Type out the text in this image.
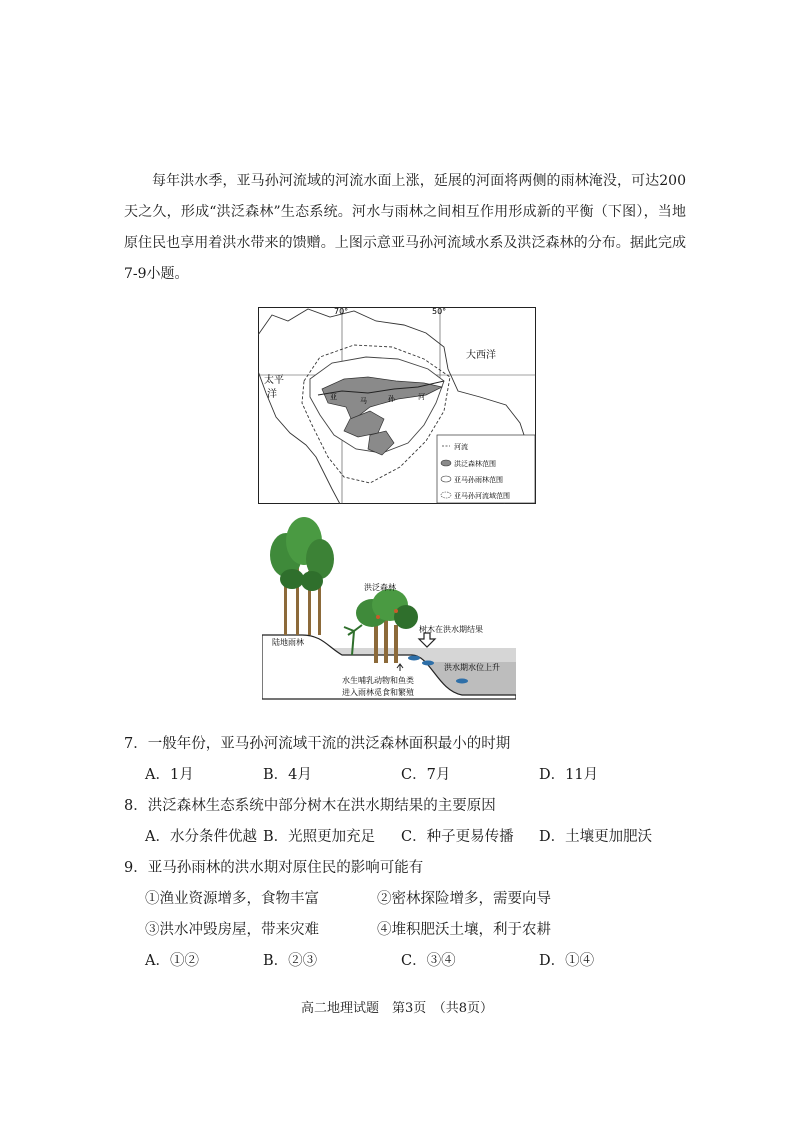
每年洪水季，亚马孙河流域的河流水面上涨，延展的河面将两侧的雨林淹没，可达200天之久，形成“洪泛森林”生态系统。河水与雨林之间相互作用形成新的平衡（下图），当地原住民也享用着洪水带来的馈赠。上图示意亚马孙河流域水系及洪泛森林的分布。据此完成7-9小题。

70°	50°
大西洋
太 平
洋	亚	马	孙	河
河流
洪泛森林范围
亚马孙雨林范围
亚马孙河流域范围
洪泛森林
陆地雨林
树木在洪水期结果
洪水期水位上升
水生哺乳动物和鱼类
进入雨林觅食和繁殖

7．一般年份，亚马孙河流域干流的洪泛森林面积最小的时期

A．1月	B．4月	C．7月	D．11月

8．洪泛森林生态系统中部分树木在洪水期结果的主要原因

A．水分条件优越 B．光照更加充足 C．种子更易传播 D．土壤更加肥沃

9．亚马孙雨林的洪水期对原住民的影响可能有

①渔业资源增多，食物丰富	②密林探险增多，需要向导
③洪水冲毁房屋，带来灾难	④堆积肥沃土壤，利于农耕
A．①②	B．②③	C．③④	D．①④
高二地理试题　第3页　（共8页）
